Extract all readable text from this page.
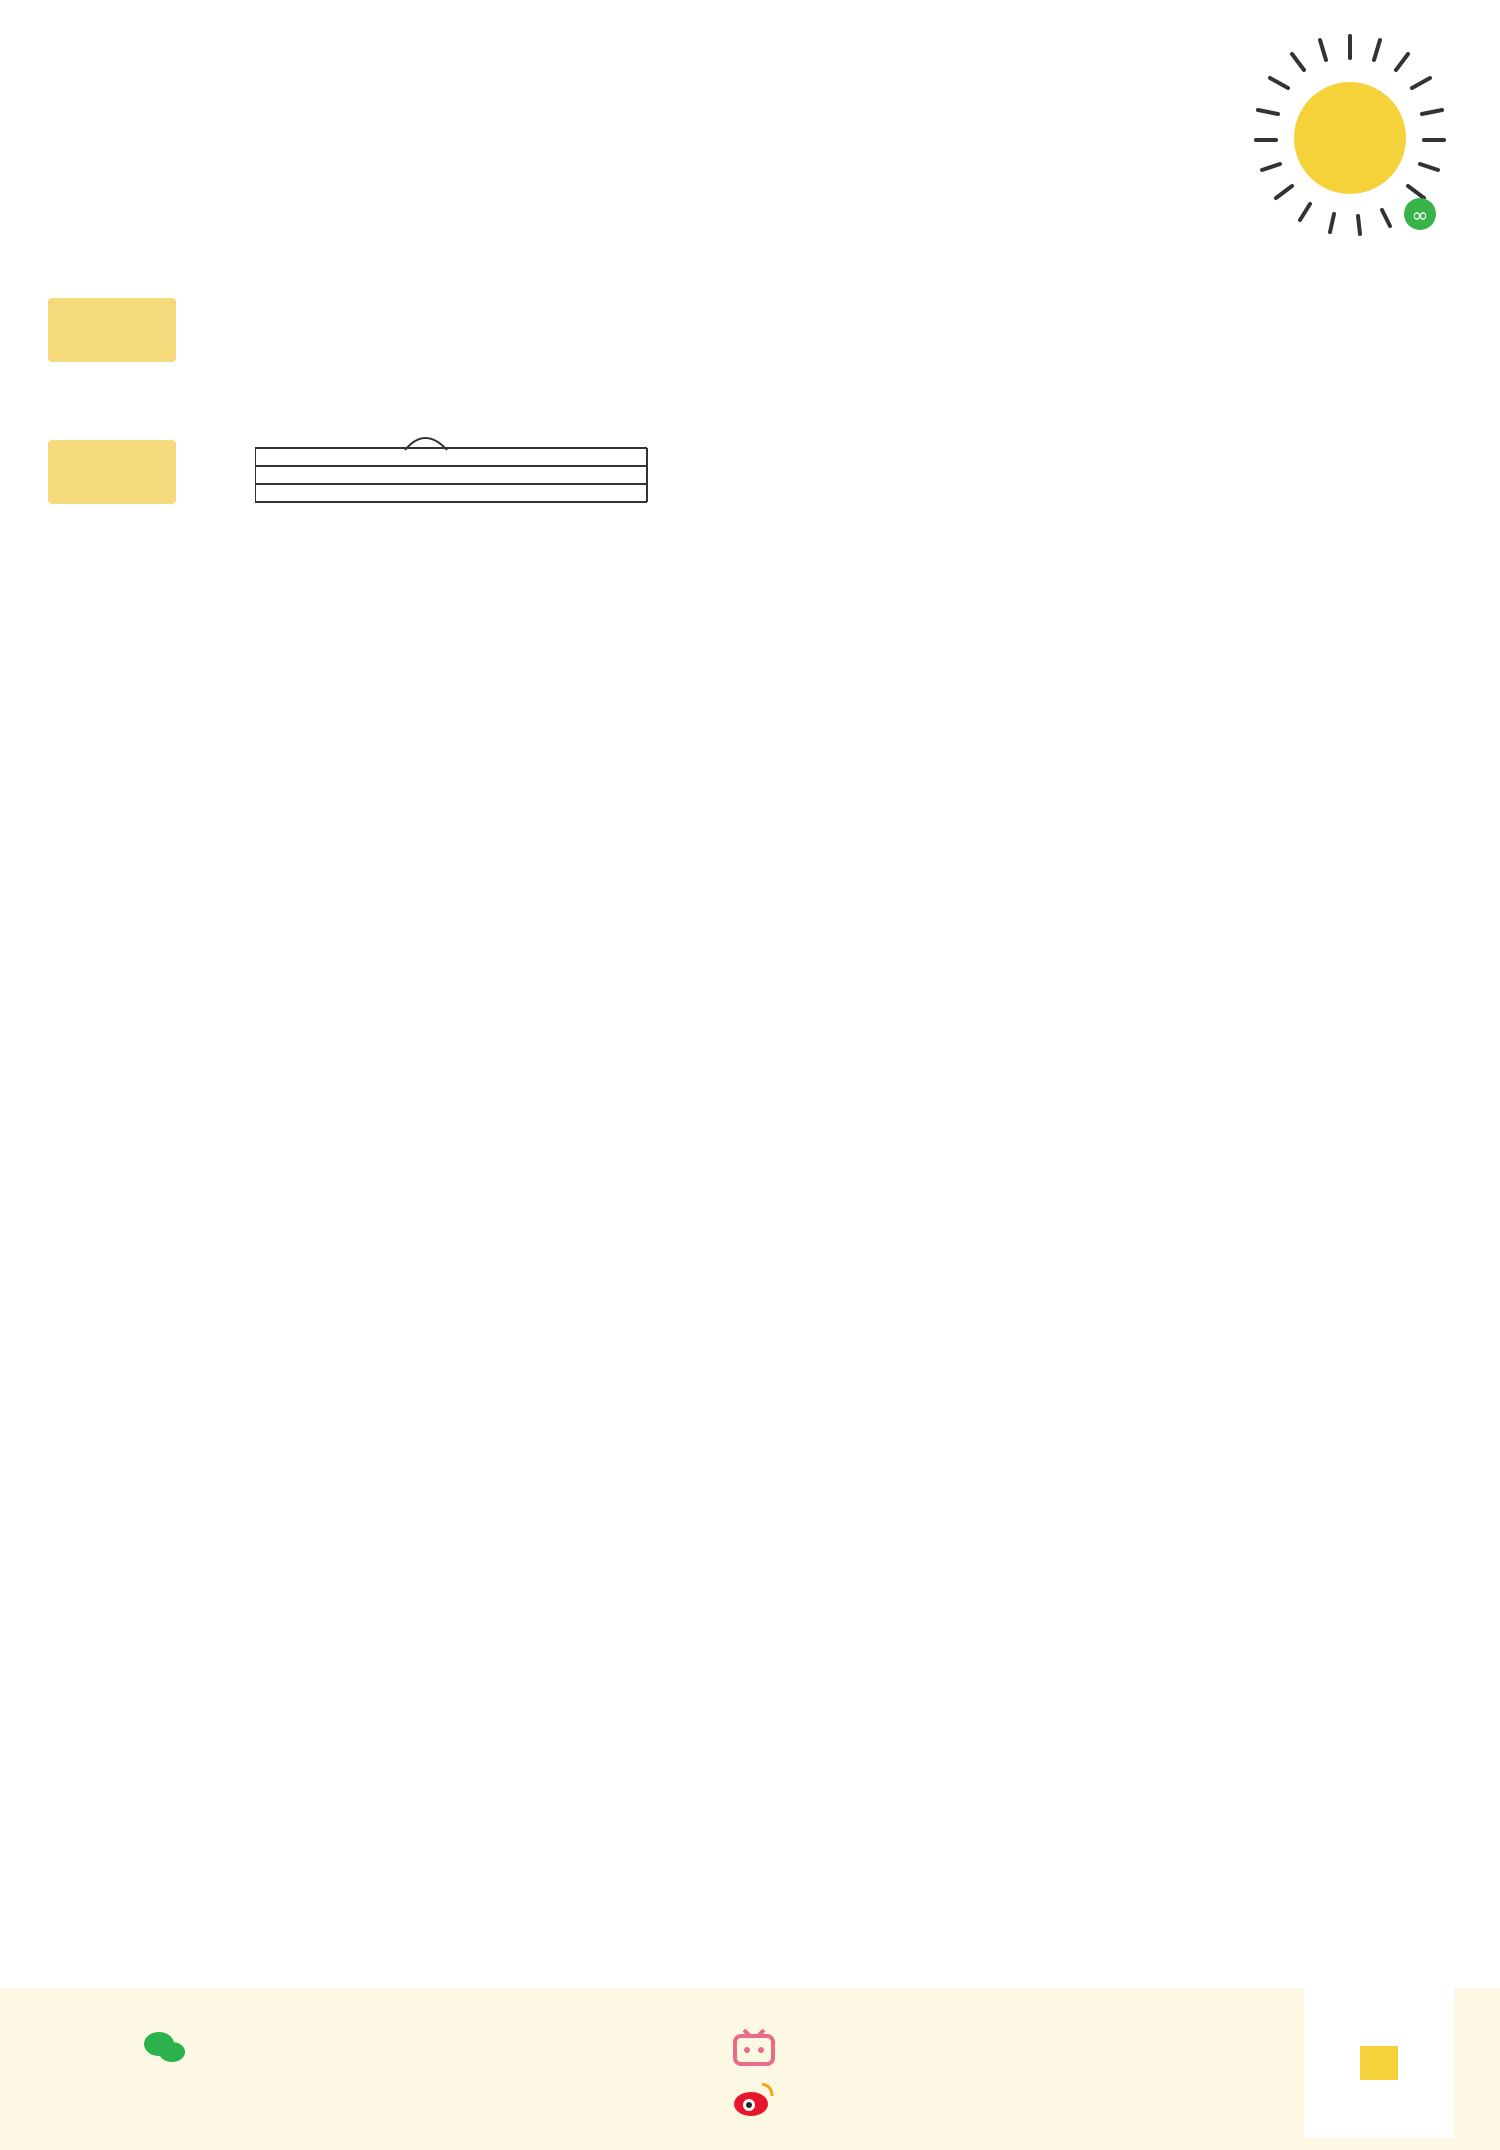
∞
